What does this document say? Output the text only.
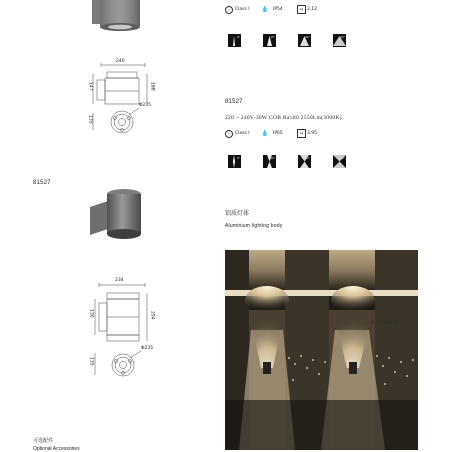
⏚ Class Ⅰ 💧 IP54	kg 2.12
8°	15°	30°	60°
240
147	188
135
Φ235
81527
220 ~ 240V-30W COB Ra≥80 2550Lm(3000K)
⏚ Class Ⅰ 💧 IP65	kg 3.95
8°	15°	30°	60°
81527
铝质灯体
Aluminium lighting body
234
130	294
135
Φ235
S O M E
可选配件
Optional Accessories
